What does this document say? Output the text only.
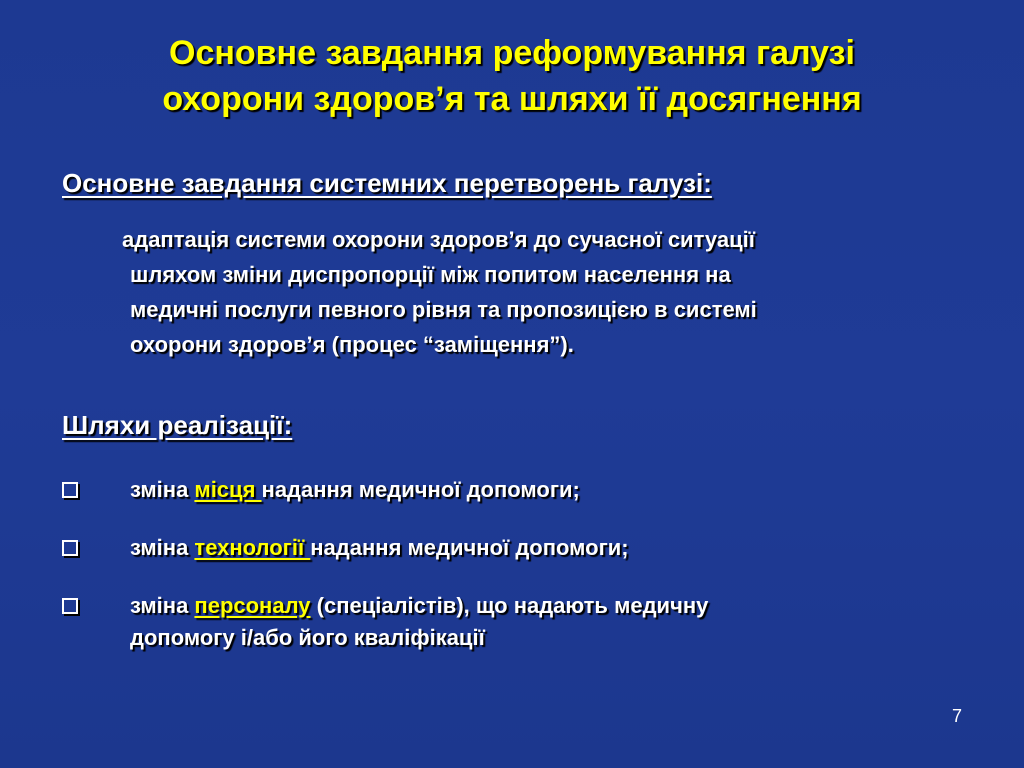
Основне завдання реформування галузі
охорони здоров’я та шляхи її досягнення
Основне завдання системних перетворень галузі:
адаптація системи охорони здоров’я до сучасної ситуації
шляхом зміни диспропорції між попитом населення на
медичні послуги певного рівня та пропозицією в системі
охорони здоров’я (процес “заміщення”).
Шляхи реалізації:
зміна місця надання медичної допомоги;
зміна технології надання медичної допомоги;
зміна персоналу (спеціалістів), що надають медичну
допомогу і/або його кваліфікації
7
